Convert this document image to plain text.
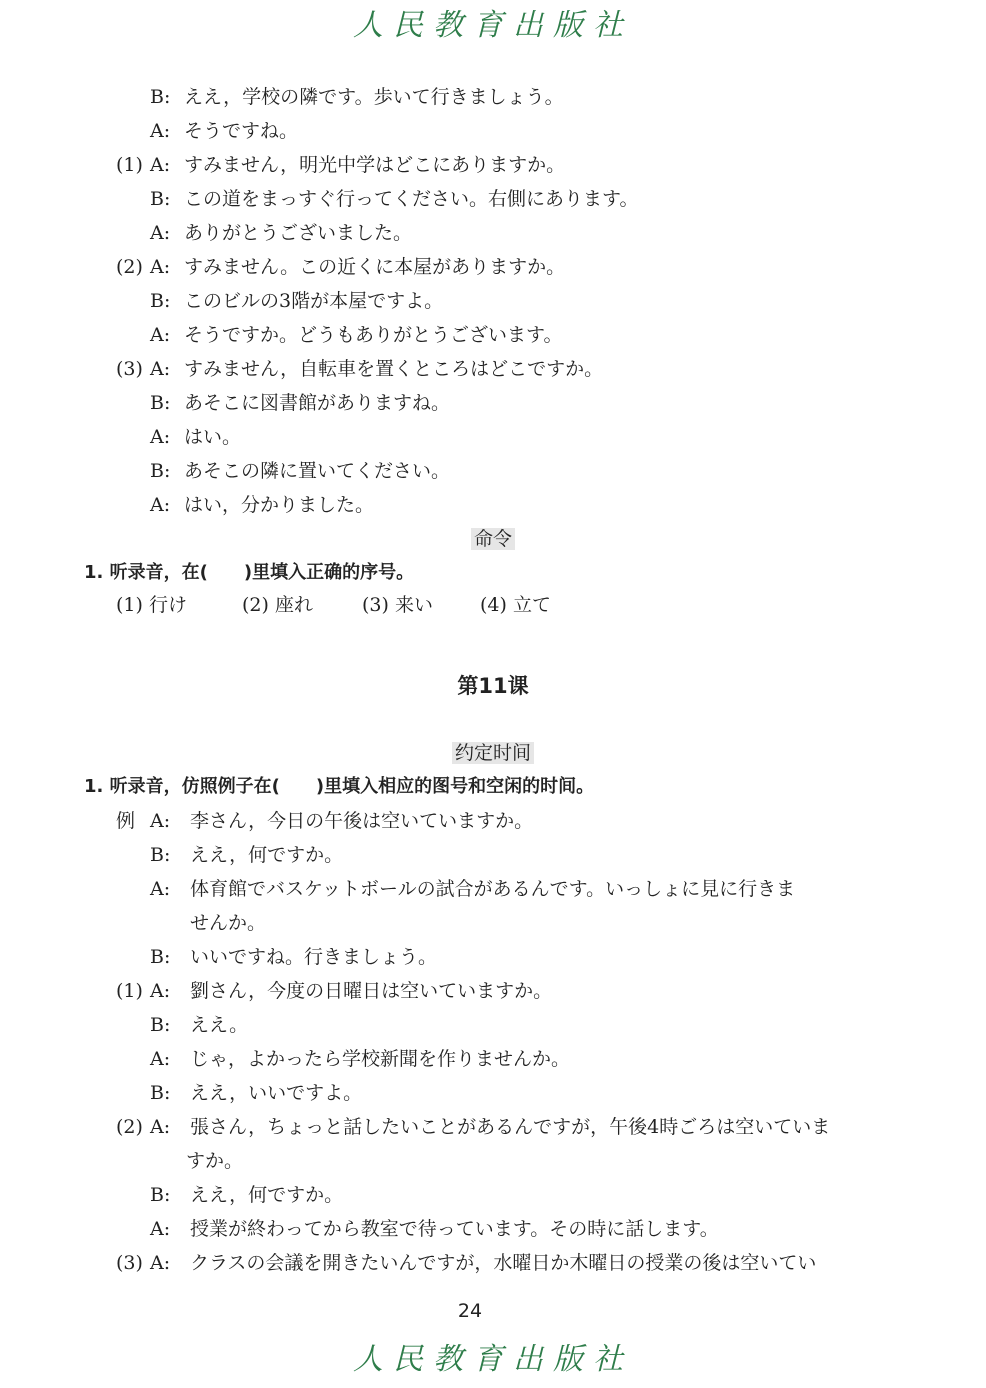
人民教育出版社
B: ええ，学校の隣です。歩いて行きましょう。
A: そうですね。
(1) A: すみません，明光中学はどこにありますか。
B: この道をまっすぐ行ってください。右側にあります。
A: ありがとうございました。
(2) A: すみません。この近くに本屋がありますか。
B: このビルの3階が本屋ですよ。
A: そうですか。どうもありがとうございます。
(3) A: すみません，自転車を置くところはどこですか。
B: あそこに図書館がありますね。
A: はい。
B: あそこの隣に置いてください。
A: はい，分かりました。
命令
1. 听录音，在(　　)里填入正确的序号。
(1) 行け	(2) 座れ	(3) 来い (4) 立て
第11课
约定时间
1. 听录音，仿照例子在(　　)里填入相应的图号和空闲的时间。
例 A: 李さん，今日の午後は空いていますか。
B: ええ，何ですか。
A: 体育館でバスケットボールの試合があるんです。いっしょに見に行きま
せんか。
B: いいですね。行きましょう。
(1) A: 劉さん，今度の日曜日は空いていますか。
B: ええ。
A: じゃ，よかったら学校新聞を作りませんか。
B: ええ，いいですよ。
(2) A: 張さん，ちょっと話したいことがあるんですが，午後4時ごろは空いていま
すか。
B: ええ，何ですか。
A: 授業が終わってから教室で待っています。その時に話します。
(3) A: クラスの会議を開きたいんですが，水曜日か木曜日の授業の後は空いてい
24
人民教育出版社
